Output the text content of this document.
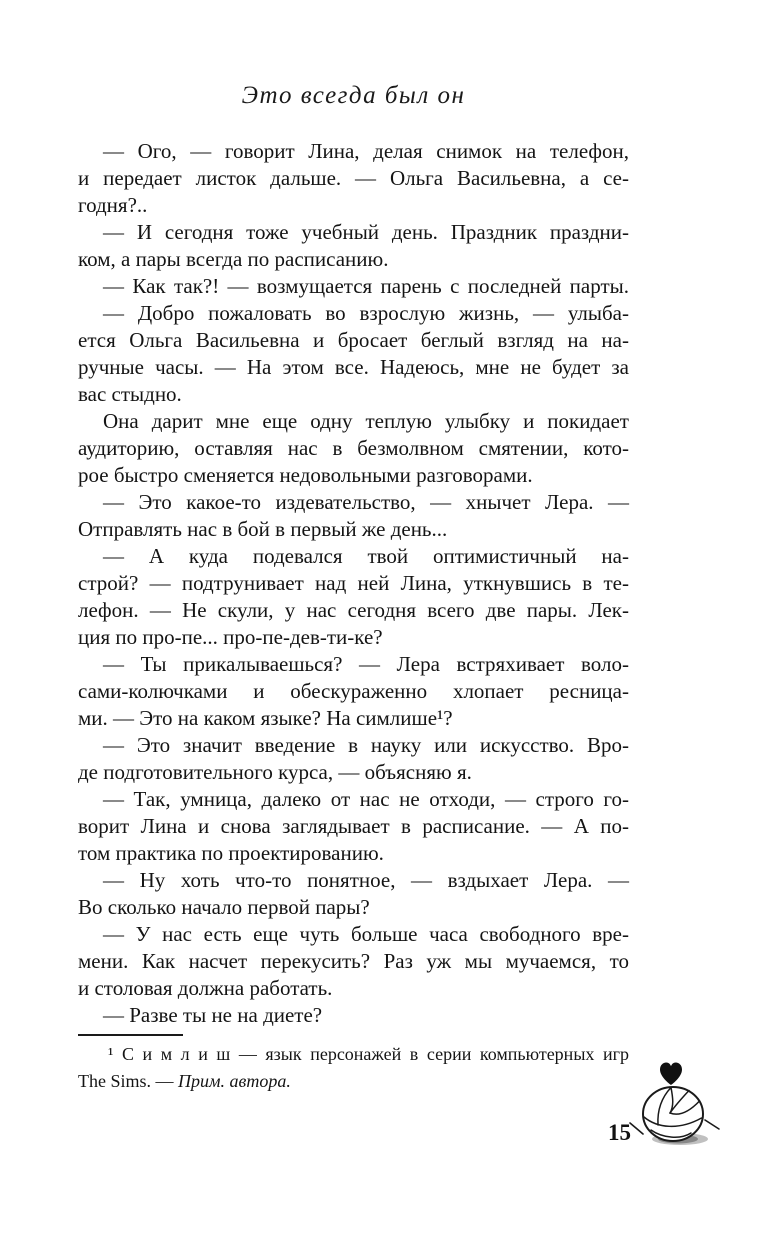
Это всегда был он
— Ого, — говорит Лина, делая снимок на телефон,
и передает листок дальше. — Ольга Васильевна, а се-
годня?..
— И сегодня тоже учебный день. Праздник праздни-
ком, а пары всегда по расписанию.
— Как так?! — возмущается парень с последней парты.
— Добро пожаловать во взрослую жизнь, — улыба-
ется Ольга Васильевна и бросает беглый взгляд на на-
ручные часы. — На этом все. Надеюсь, мне не будет за
вас стыдно.
Она дарит мне еще одну теплую улыбку и покидает
аудиторию, оставляя нас в безмолвном смятении, кото-
рое быстро сменяется недовольными разговорами.
— Это какое-то издевательство, — хнычет Лера. —
Отправлять нас в бой в первый же день...
— А куда подевался твой оптимистичный на-
строй? — подтрунивает над ней Лина, уткнувшись в те-
лефон. — Не скули, у нас сегодня всего две пары. Лек-
ция по про-пе... про-пе-дев-ти-ке?
— Ты прикалываешься? — Лера встряхивает воло-
сами-колючками и обескураженно хлопает ресница-
ми. — Это на каком языке? На симлише¹?
— Это значит введение в науку или искусство. Вро-
де подготовительного курса, — объясняю я.
— Так, умница, далеко от нас не отходи, — строго го-
ворит Лина и снова заглядывает в расписание. — А по-
том практика по проектированию.
— Ну хоть что-то понятное, — вздыхает Лера. —
Во сколько начало первой пары?
— У нас есть еще чуть больше часа свободного вре-
мени. Как насчет перекусить? Раз уж мы мучаемся, то
и столовая должна работать.
— Разве ты не на диете?
¹ С и м л и ш — язык персонажей в серии компьютерных игр
The Sims. — Прим. автора.
15
